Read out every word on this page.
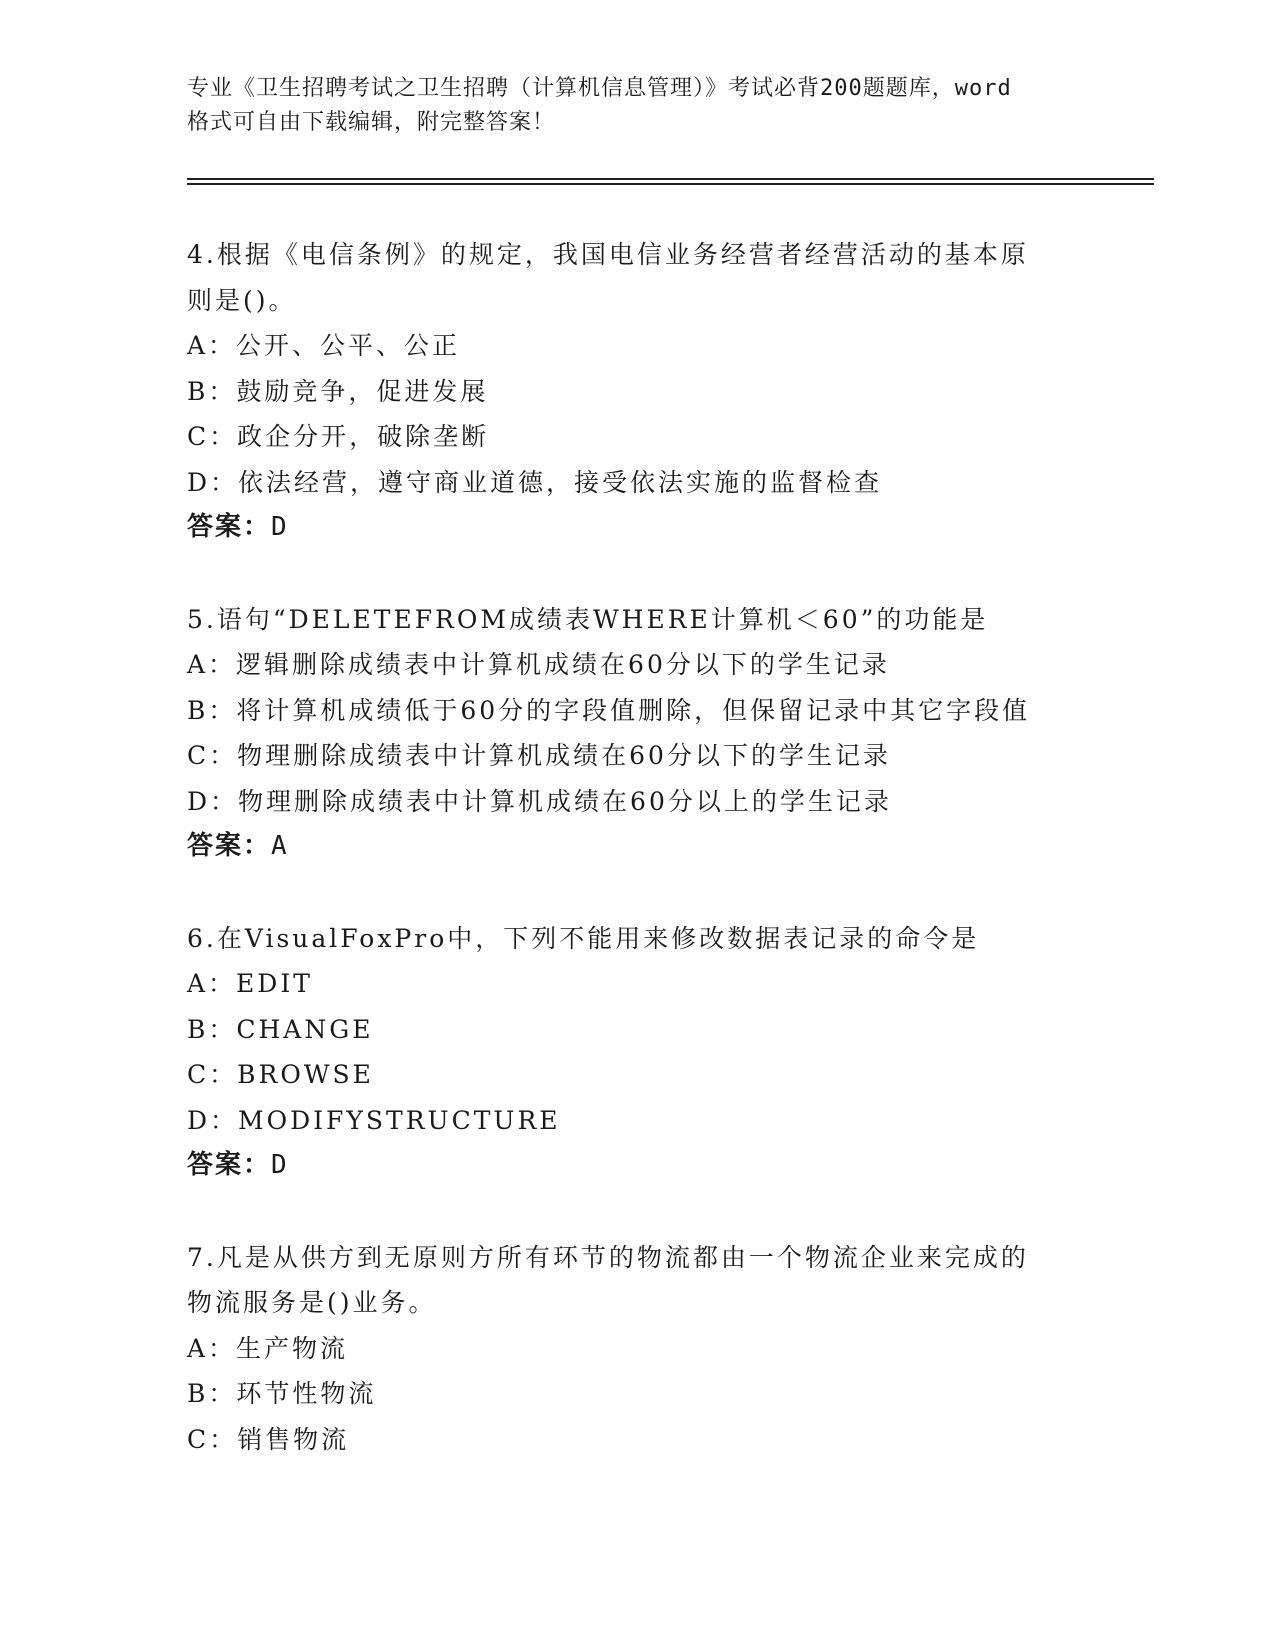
专业《卫生招聘考试之卫生招聘（计算机信息管理）》考试必背200题题库，word
格式可自由下载编辑，附完整答案！
4.根据《电信条例》的规定，我国电信业务经营者经营活动的基本原
则是()。
A：公开、公平、公正
B：鼓励竞争，促进发展
C：政企分开，破除垄断
D：依法经营，遵守商业道德，接受依法实施的监督检查
答案：D
5.语句“DELETEFROM成绩表WHERE计算机＜60”的功能是
A：逻辑删除成绩表中计算机成绩在60分以下的学生记录
B：将计算机成绩低于60分的字段值删除，但保留记录中其它字段值
C：物理删除成绩表中计算机成绩在60分以下的学生记录
D：物理删除成绩表中计算机成绩在60分以上的学生记录
答案：A
6.在VisualFoxPro中，下列不能用来修改数据表记录的命令是
A：EDIT
B：CHANGE
C：BROWSE
D：MODIFYSTRUCTURE
答案：D
7.凡是从供方到无原则方所有环节的物流都由一个物流企业来完成的
物流服务是()业务。
A：生产物流
B：环节性物流
C：销售物流
